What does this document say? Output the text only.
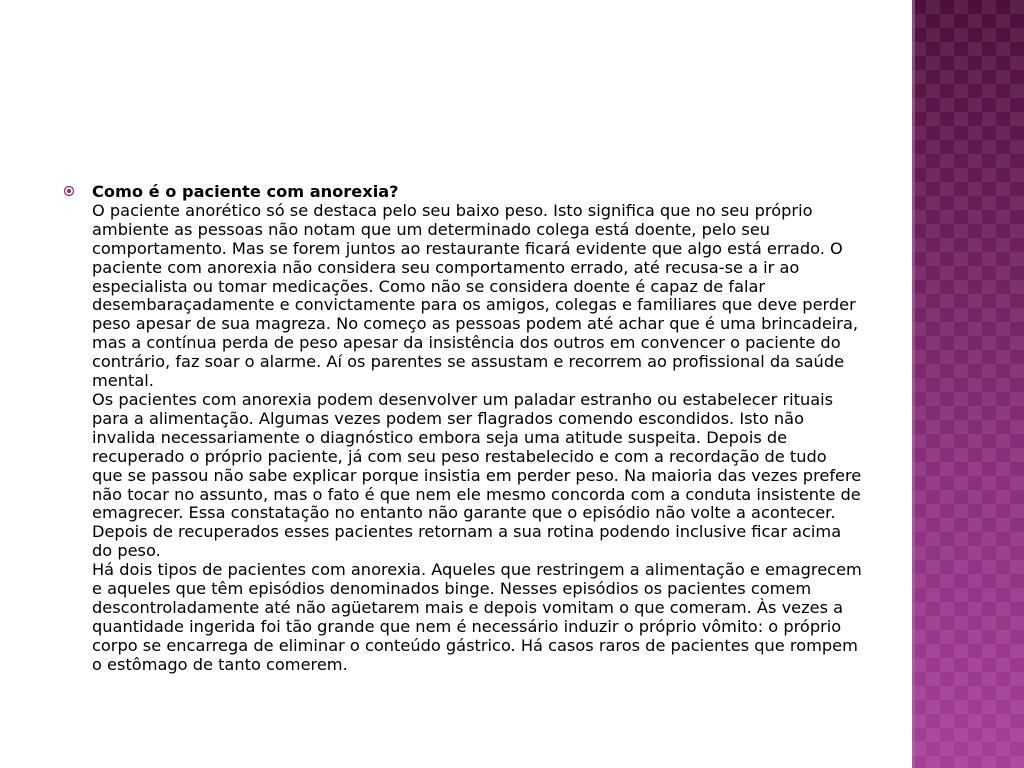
Como é o paciente com anorexia?
O paciente anorético só se destaca pelo seu baixo peso. Isto significa que no seu próprio ambiente as pessoas não notam que um determinado colega está doente, pelo seu comportamento. Mas se forem juntos ao restaurante ficará evidente que algo está errado. O paciente com anorexia não considera seu comportamento errado, até recusa-se a ir ao especialista ou tomar medicações. Como não se considera doente é capaz de falar desembaraçadamente e convictamente para os amigos, colegas e familiares que deve perder peso apesar de sua magreza. No começo as pessoas podem até achar que é uma brincadeira, mas a contínua perda de peso apesar da insistência dos outros em convencer o paciente do contrário, faz soar o alarme. Aí os parentes se assustam e recorrem ao profissional da saúde mental.
Os pacientes com anorexia podem desenvolver um paladar estranho ou estabelecer rituais para a alimentação. Algumas vezes podem ser flagrados comendo escondidos. Isto não invalida necessariamente o diagnóstico embora seja uma atitude suspeita. Depois de recuperado o próprio paciente, já com seu peso restabelecido e com a recordação de tudo que se passou não sabe explicar porque insistia em perder peso. Na maioria das vezes prefere não tocar no assunto, mas o fato é que nem ele mesmo concorda com a conduta insistente de emagrecer. Essa constatação no entanto não garante que o episódio não volte a acontecer. Depois de recuperados esses pacientes retornam a sua rotina podendo inclusive ficar acima do peso.
Há dois tipos de pacientes com anorexia. Aqueles que restringem a alimentação e emagrecem e aqueles que têm episódios denominados binge. Nesses episódios os pacientes comem descontroladamente até não agüetarem mais e depois vomitam o que comeram. Às vezes a quantidade ingerida foi tão grande que nem é necessário induzir o próprio vômito: o próprio corpo se encarrega de eliminar o conteúdo gástrico. Há casos raros de pacientes que rompem o estômago de tanto comerem.
